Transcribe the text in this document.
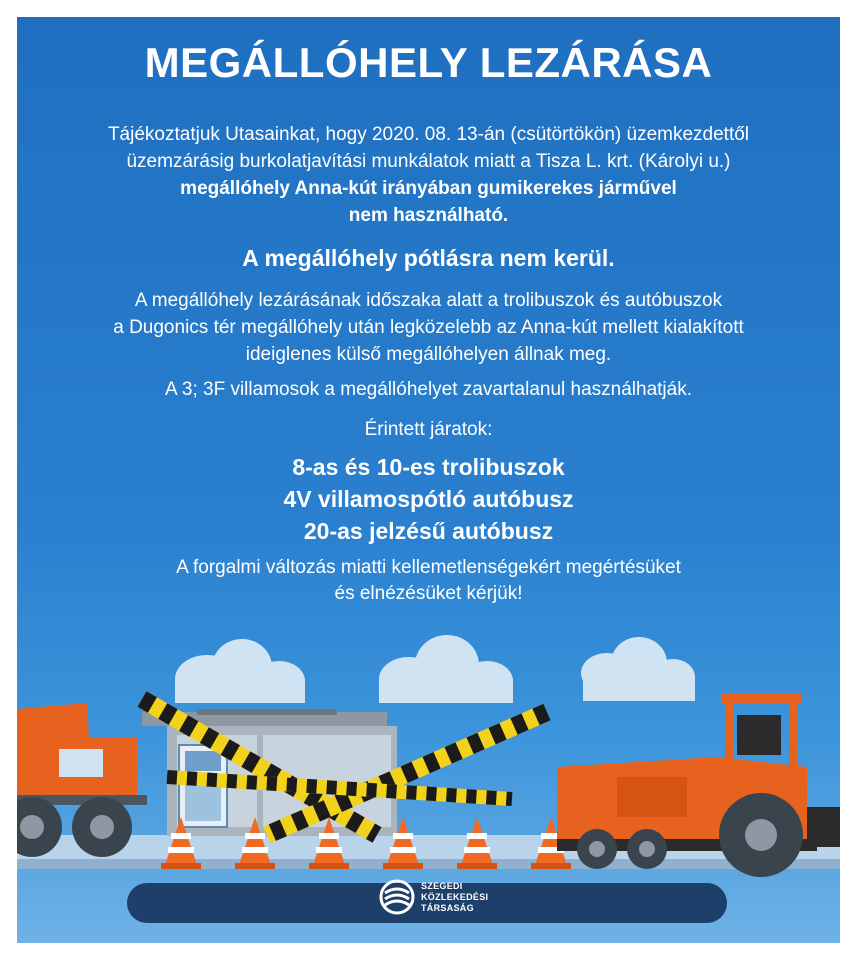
MEGÁLLÓHELY LEZÁRÁSA
Tájékoztatjuk Utasainkat, hogy 2020. 08. 13-án (csütörtökön) üzemkezdettől
üzemzárásig burkolatjavítási munkálatok miatt a Tisza L. krt. (Károlyi u.)
megállóhely Anna-kút irányában gumikerekes járművel
nem használható.
A megállóhely pótlásra nem kerül.
A megállóhely lezárásának időszaka alatt a trolibuszok és autóbuszok
a Dugonics tér megállóhely után legközelebb az Anna-kút mellett kialakított
ideiglenes külső megállóhelyen állnak meg.
A 3; 3F villamosok a megállóhelyet zavartalanul használhatják.
Érintett járatok:
8-as és 10-es trolibuszok
4V villamospótló autóbusz
20-as jelzésű autóbusz
A forgalmi változás miatti kellemetlenségekért megértésüket
és elnézésüket kérjük!
SZEGEDI
KÖZLEKEDÉSI
TÁRSASÁG
